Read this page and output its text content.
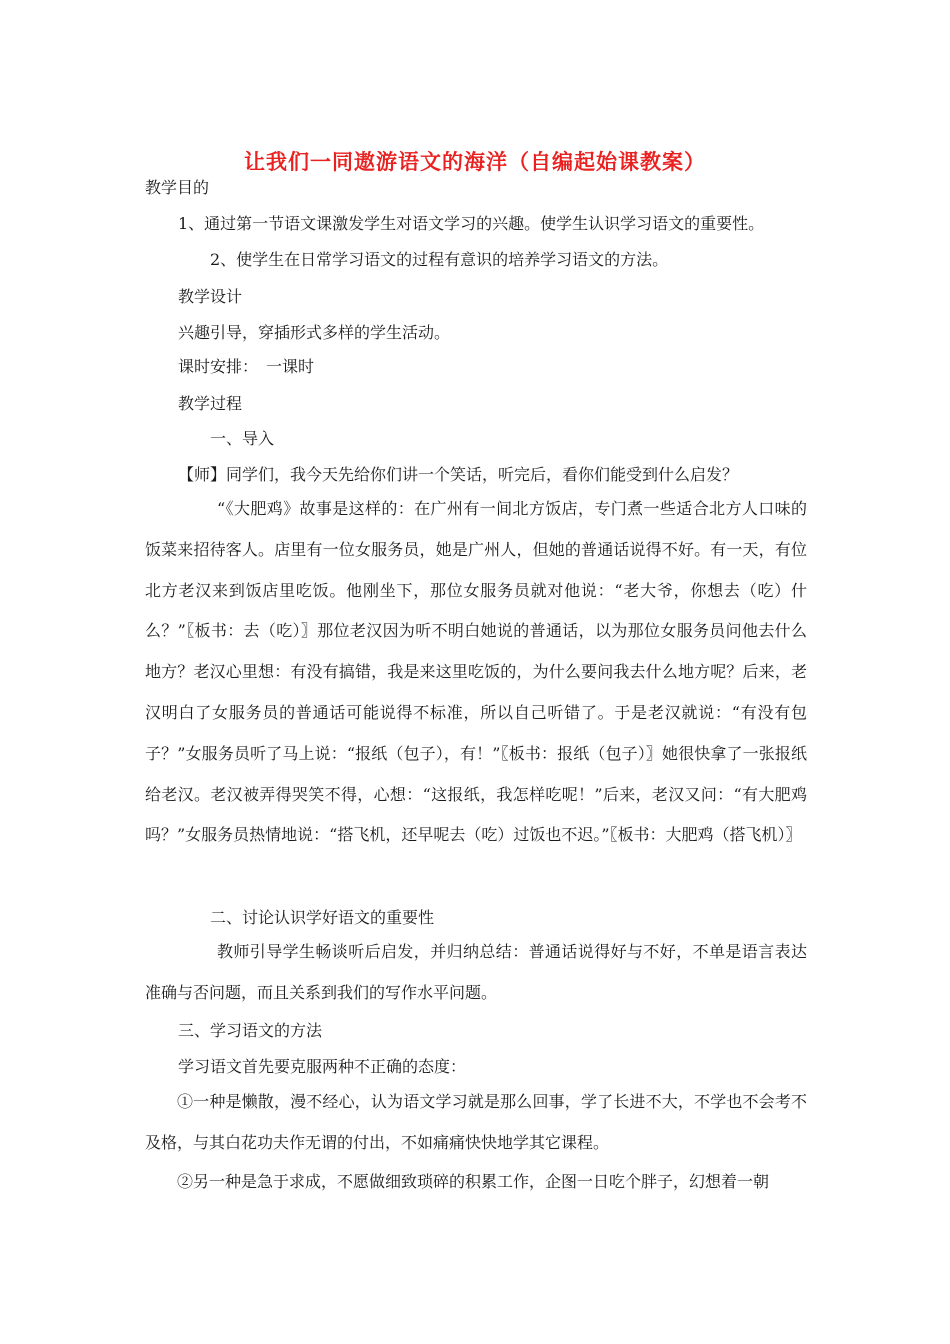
让我们一同遨游语文的海洋（自编起始课教案）
教学目的
1、通过第一节语文课激发学生对语文学习的兴趣。使学生认识学习语文的重要性。
2、使学生在日常学习语文的过程有意识的培养学习语文的方法。
教学设计
兴趣引导，穿插形式多样的学生活动。
课时安排：　一课时
教学过程
一、导入
【师】同学们，我今天先给你们讲一个笑话，听完后，看你们能受到什么启发？
“《大肥鸡》故事是这样的：在广州有一间北方饭店，专门煮一些适合北方人口味的饭菜来招待客人。店里有一位女服务员，她是广州人，但她的普通话说得不好。有一天，有位北方老汉来到饭店里吃饭。他刚坐下，那位女服务员就对他说：“老大爷，你想去（吃）什么？”〖板书：去（吃）〗那位老汉因为听不明白她说的普通话，以为那位女服务员问他去什么地方？老汉心里想：有没有搞错，我是来这里吃饭的，为什么要问我去什么地方呢？后来，老汉明白了女服务员的普通话可能说得不标准，所以自己听错了。于是老汉就说：“有没有包子？”女服务员听了马上说：“报纸（包子），有！”〖板书：报纸（包子）〗她很快拿了一张报纸给老汉。老汉被弄得哭笑不得，心想：“这报纸，我怎样吃呢！”后来，老汉又问：“有大肥鸡吗？”女服务员热情地说：“搭飞机，还早呢去（吃）过饭也不迟。”〖板书：大肥鸡（搭飞机）〗
二、讨论认识学好语文的重要性
教师引导学生畅谈听后启发，并归纳总结：普通话说得好与不好，不单是语言表达准确与否问题，而且关系到我们的写作水平问题。
三、学习语文的方法
学习语文首先要克服两种不正确的态度：
①一种是懒散，漫不经心，认为语文学习就是那么回事，学了长进不大，不学也不会考不及格，与其白花功夫作无谓的付出，不如痛痛快快地学其它课程。
②另一种是急于求成，不愿做细致琐碎的积累工作，企图一日吃个胖子，幻想着一朝
